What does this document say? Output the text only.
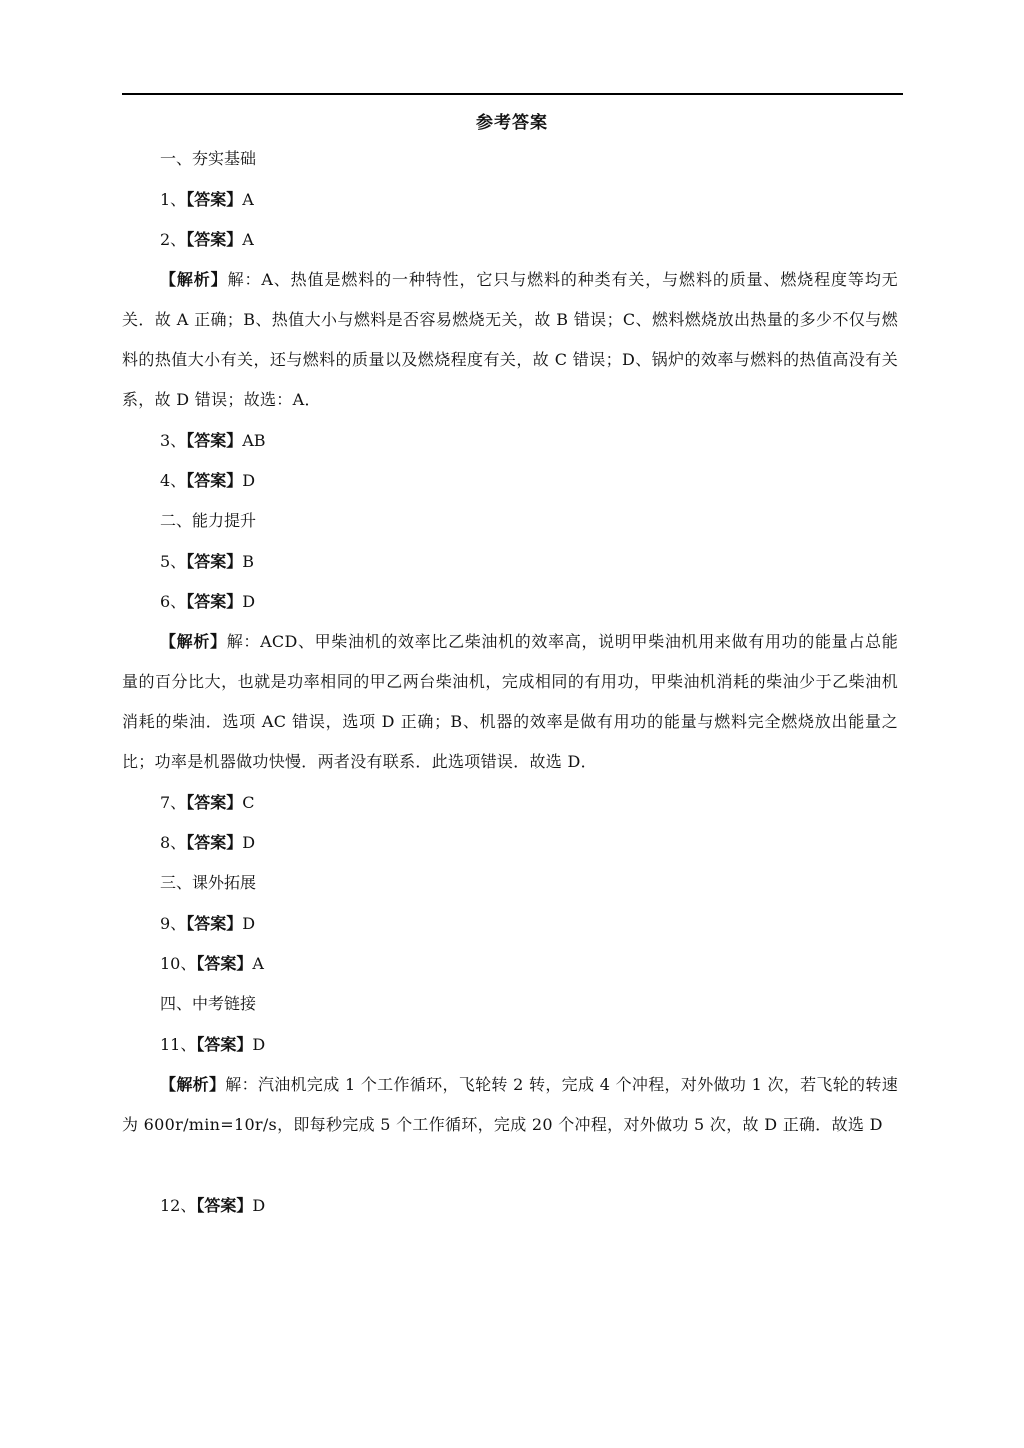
参考答案
一、夯实基础
1、【答案】A
2、【答案】A
【解析】解：A、热值是燃料的一种特性，它只与燃料的种类有关，与燃料的质量、燃烧程度等均无关．故 A 正确；B、热值大小与燃料是否容易燃烧无关，故 B 错误；C、燃料燃烧放出热量的多少不仅与燃料的热值大小有关，还与燃料的质量以及燃烧程度有关，故 C 错误；D、锅炉的效率与燃料的热值高没有关系，故 D 错误；故选：A．
3、【答案】AB
4、【答案】D
二、能力提升
5、【答案】B
6、【答案】D
【解析】解：ACD、甲柴油机的效率比乙柴油机的效率高，说明甲柴油机用来做有用功的能量占总能量的百分比大，也就是功率相同的甲乙两台柴油机，完成相同的有用功，甲柴油机消耗的柴油少于乙柴油机消耗的柴油．选项 AC 错误，选项 D 正确；B、机器的效率是做有用功的能量与燃料完全燃烧放出能量之比；功率是机器做功快慢．两者没有联系．此选项错误．故选 D．
7、【答案】C
8、【答案】D
三、课外拓展
9、【答案】D
10、【答案】A
四、中考链接
11、【答案】D
【解析】解：汽油机完成 1 个工作循环，飞轮转 2 转，完成 4 个冲程，对外做功 1 次，若飞轮的转速为 600r/min=10r/s，即每秒完成 5 个工作循环，完成 20 个冲程，对外做功 5 次，故 D 正确．故选 D
12、【答案】D
